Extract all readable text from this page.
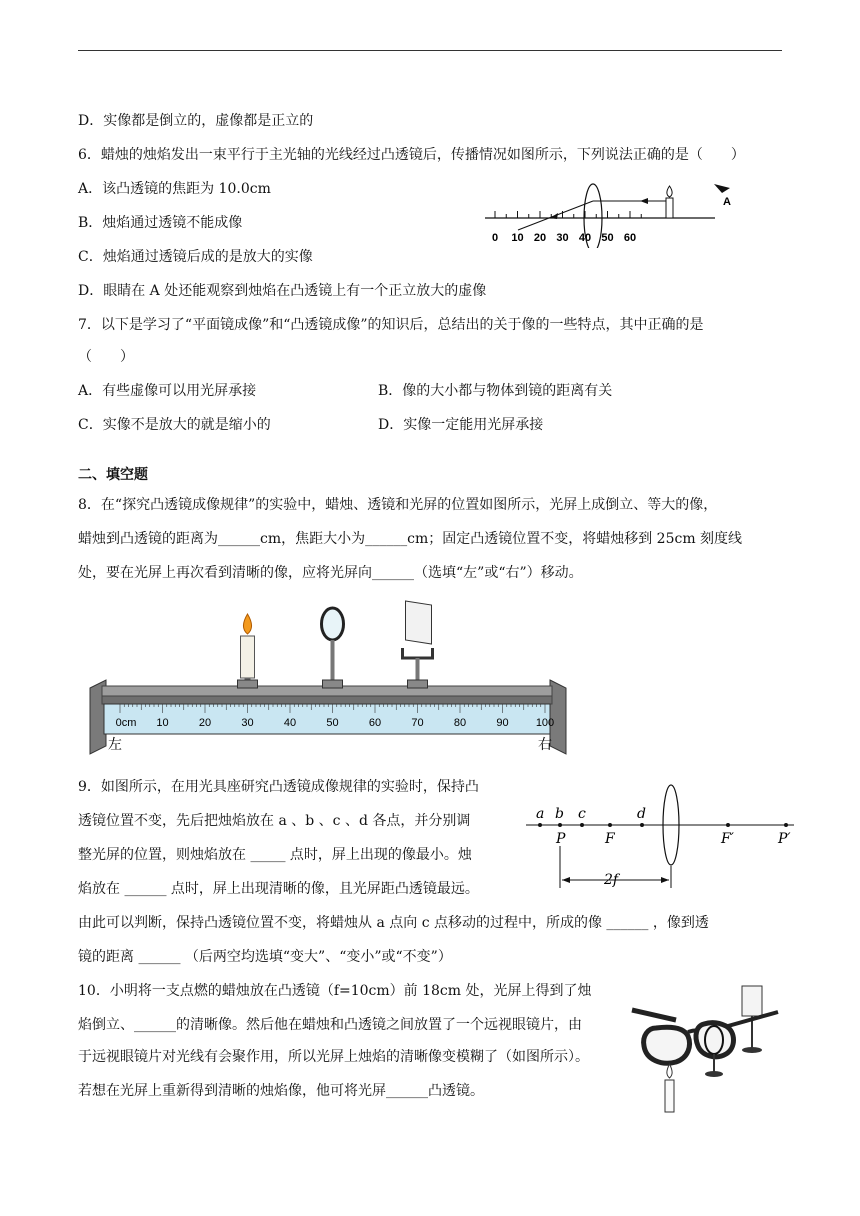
D．实像都是倒立的，虚像都是正立的
6．蜡烛的烛焰发出一束平行于主光轴的光线经过凸透镜后，传播情况如图所示，下列说法正确的是（　　）
A．该凸透镜的焦距为 10.0cm
B．烛焰通过透镜不能成像
C．烛焰通过透镜后成的是放大的实像
D．眼睛在 A 处还能观察到烛焰在凸透镜上有一个正立放大的虚像
0 10 20 30 40 50 60
A
7．以下是学习了“平面镜成像”和“凸透镜成像”的知识后，总结出的关于像的一些特点，其中正确的是
（　　）
A．有些虚像可以用光屏承接	B．像的大小都与物体到镜的距离有关
C．实像不是放大的就是缩小的	D．实像一定能用光屏承接
二、填空题
8．在“探究凸透镜成像规律”的实验中，蜡烛、透镜和光屏的位置如图所示，光屏上成倒立、等大的像，
蜡烛到凸透镜的距离为______cm，焦距大小为______cm；固定凸透镜位置不变，将蜡烛移到 25cm 刻度线
处，要在光屏上再次看到清晰的像，应将光屏向______（选填“左”或“右”）移动。
0cm 10	20	30	40	50	60	70	80	90 100
左	右
9．如图所示，在用光具座研究凸透镜成像规律的实验时，保持凸
透镜位置不变，先后把烛焰放在 a 、b 、c 、d 各点，并分别调
整光屏的位置，则烛焰放在 _____ 点时，屏上出现的像最小。烛
焰放在 ______ 点时，屏上出现清晰的像，且光屏距凸透镜最远。
由此可以判断，保持凸透镜位置不变，将蜡烛从 a 点向 c 点移动的过程中，所成的像 ______ ，像到透
镜的距离 ______ （后两空均选填“变大”、“变小”或“不变”）
a b c	d
P	F	F′	P′
2f
10．小明将一支点燃的蜡烛放在凸透镜（f=10cm）前 18cm 处，光屏上得到了烛
焰倒立、______的清晰像。然后他在蜡烛和凸透镜之间放置了一个远视眼镜片，由
于远视眼镜片对光线有会聚作用，所以光屏上烛焰的清晰像变模糊了（如图所示）。
若想在光屏上重新得到清晰的烛焰像，他可将光屏______凸透镜。
